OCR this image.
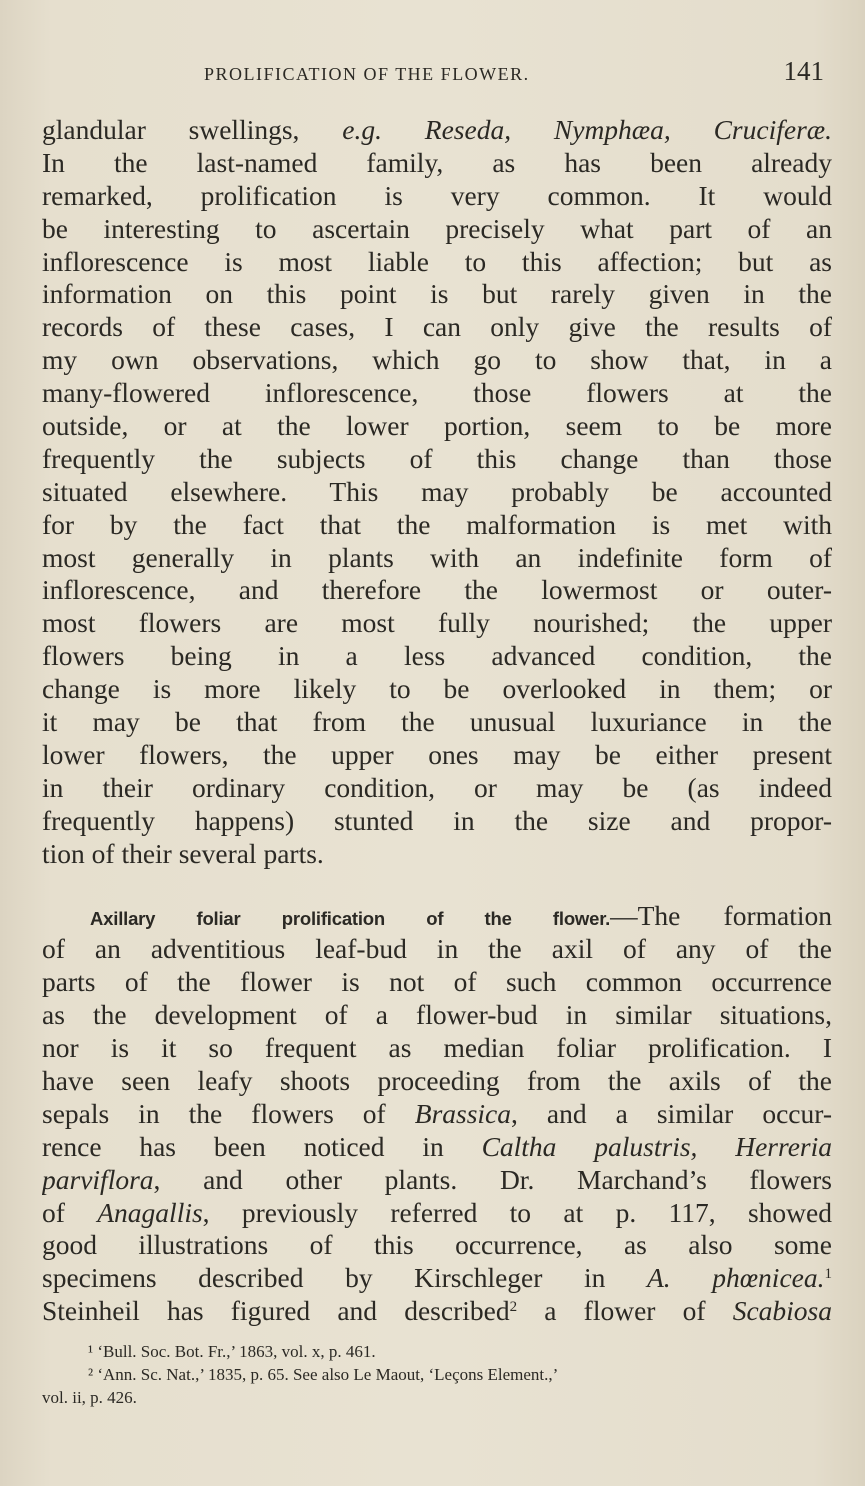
PROLIFICATION OF THE FLOWER.	141
glandular swellings, e.g. Reseda, Nymphæa, Cruciferæ.
In the last-named family, as has been already
remarked, prolification is very common. It would
be interesting to ascertain precisely what part of an
inflorescence is most liable to this affection; but as
information on this point is but rarely given in the
records of these cases, I can only give the results of
my own observations, which go to show that, in a
many-flowered inflorescence, those flowers at the
outside, or at the lower portion, seem to be more
frequently the subjects of this change than those
situated elsewhere. This may probably be accounted
for by the fact that the malformation is met with
most generally in plants with an indefinite form of
inflorescence, and therefore the lowermost or outer-
most flowers are most fully nourished; the upper
flowers being in a less advanced condition, the
change is more likely to be overlooked in them; or
it may be that from the unusual luxuriance in the
lower flowers, the upper ones may be either present
in their ordinary condition, or may be (as indeed
frequently happens) stunted in the size and propor-
tion of their several parts.
Axillary foliar prolification of the flower.—The formation
of an adventitious leaf-bud in the axil of any of the
parts of the flower is not of such common occurrence
as the development of a flower-bud in similar situations,
nor is it so frequent as median foliar prolification. I
have seen leafy shoots proceeding from the axils of the
sepals in the flowers of Brassica, and a similar occur-
rence has been noticed in Caltha palustris, Herreria
parviflora, and other plants. Dr. Marchand’s flowers
of Anagallis, previously referred to at p. 117, showed
good illustrations of this occurrence, as also some
specimens described by Kirschleger in A. phœnicea.$^1$
Steinheil has figured and described$^2$ a flower of Scabiosa
¹ ‘Bull. Soc. Bot. Fr.,’ 1863, vol. x, p. 461.
² ‘Ann. Sc. Nat.,’ 1835, p. 65. See also Le Maout, ‘Leçons Element.,’
vol. ii, p. 426.
